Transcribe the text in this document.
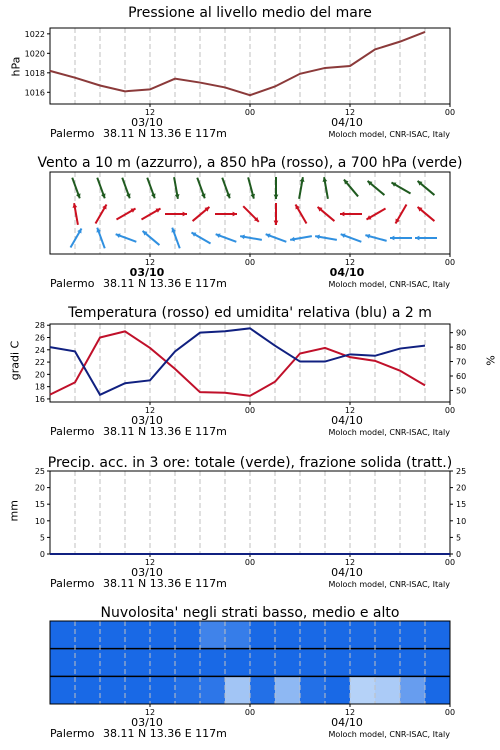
Pressione al livello medio del mare
hPa
12	00	12	00
03/10	04/10
Palermo 38.11 N 13.36 E 117m	Moloch model, CNR-ISAC, Italy
1016
1018
1020
1022
Vento a 10 m (azzurro), a 850 hPa (rosso), a 700 hPa (verde)
12	00	12	00
03/10	04/10
Palermo 38.11 N 13.36 E 117m	Moloch model, CNR-ISAC, Italy
Temperatura (rosso) ed umidita' relativa (blu) a 2 m
gradi C	%
12	00	12	00
03/10	04/10
Palermo 38.11 N 13.36 E 117m	Moloch model, CNR-ISAC, Italy
16
18
20
22
24
26
28
50
60
70
80
90
Precip. acc. in 3 ore: totale (verde), frazione solida (tratt.)
mm
12	00	12	00
03/10	04/10
Palermo 38.11 N 13.36 E 117m	Moloch model, CNR-ISAC, Italy
0	0
5	5
10	10
15	15
20	20
25	25
Nuvolosita' negli strati basso, medio e alto
12	00	12	00
03/10	04/10
Palermo 38.11 N 13.36 E 117m	Moloch model, CNR-ISAC, Italy
